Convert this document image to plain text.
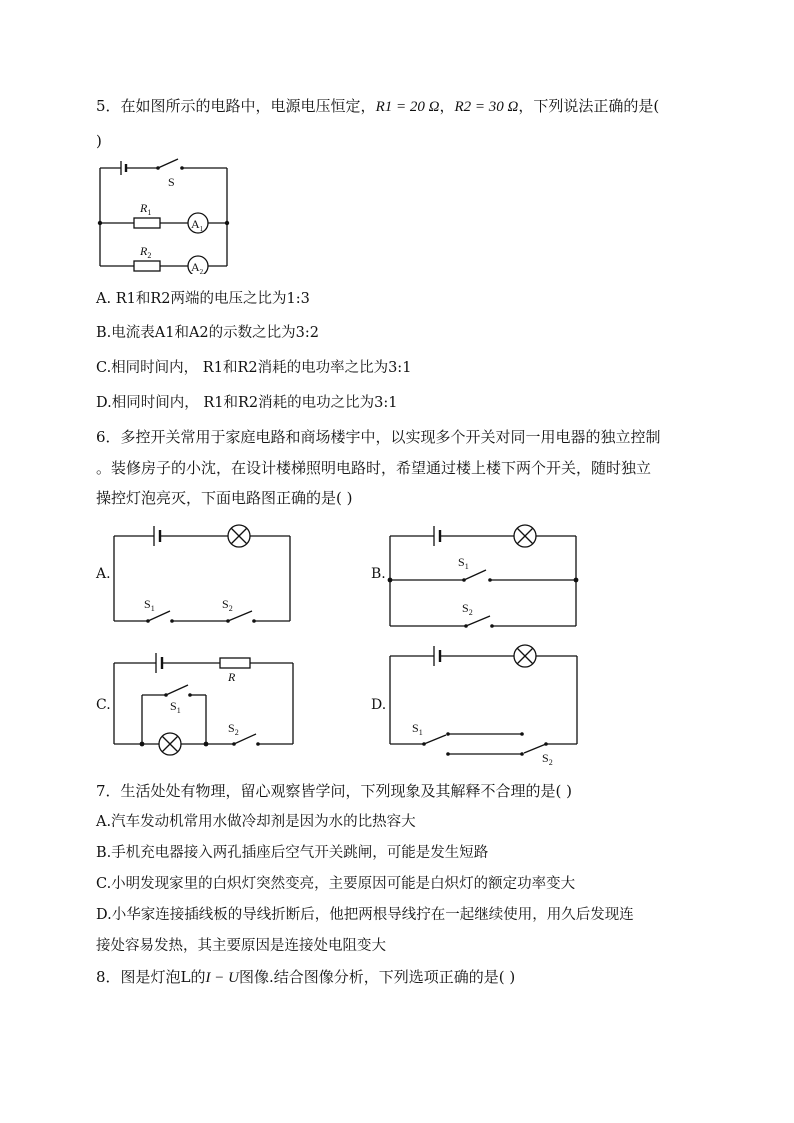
5．在如图所示的电路中，电源电压恒定，R1 = 20 Ω，R2 = 30 Ω，下列说法正确的是(
)
S
$R_1$
$R_2$
$A_1$
$A_2$
A. R1和R2两端的电压之比为1:3
B.电流表A1和A2的示数之比为3:2
C.相同时间内， R1和R2消耗的电功率之比为3:1
D.相同时间内， R1和R2消耗的电功之比为3:1
6．多控开关常用于家庭电路和商场楼宇中，以实现多个开关对同一用电器的独立控制
。装修房子的小沈，在设计楼梯照明电路时，希望通过楼上楼下两个开关，随时独立
操控灯泡亮灭，下面电路图正确的是( )
A.
$S_1$	$S_2$
B.
$S_1$
$S_2$
C.
R
$S_1$
$S_2$
D.
$S_1$
$S_2$
7．生活处处有物理，留心观察皆学问，下列现象及其解释不合理的是( )
A.汽车发动机常用水做冷却剂是因为水的比热容大
B.手机充电器接入两孔插座后空气开关跳闸，可能是发生短路
C.小明发现家里的白炽灯突然变亮，主要原因可能是白炽灯的额定功率变大
D.小华家连接插线板的导线折断后，他把两根导线拧在一起继续使用，用久后发现连
接处容易发热，其主要原因是连接处电阻变大
8．图是灯泡L的I − U图像.结合图像分析，下列选项正确的是( )
